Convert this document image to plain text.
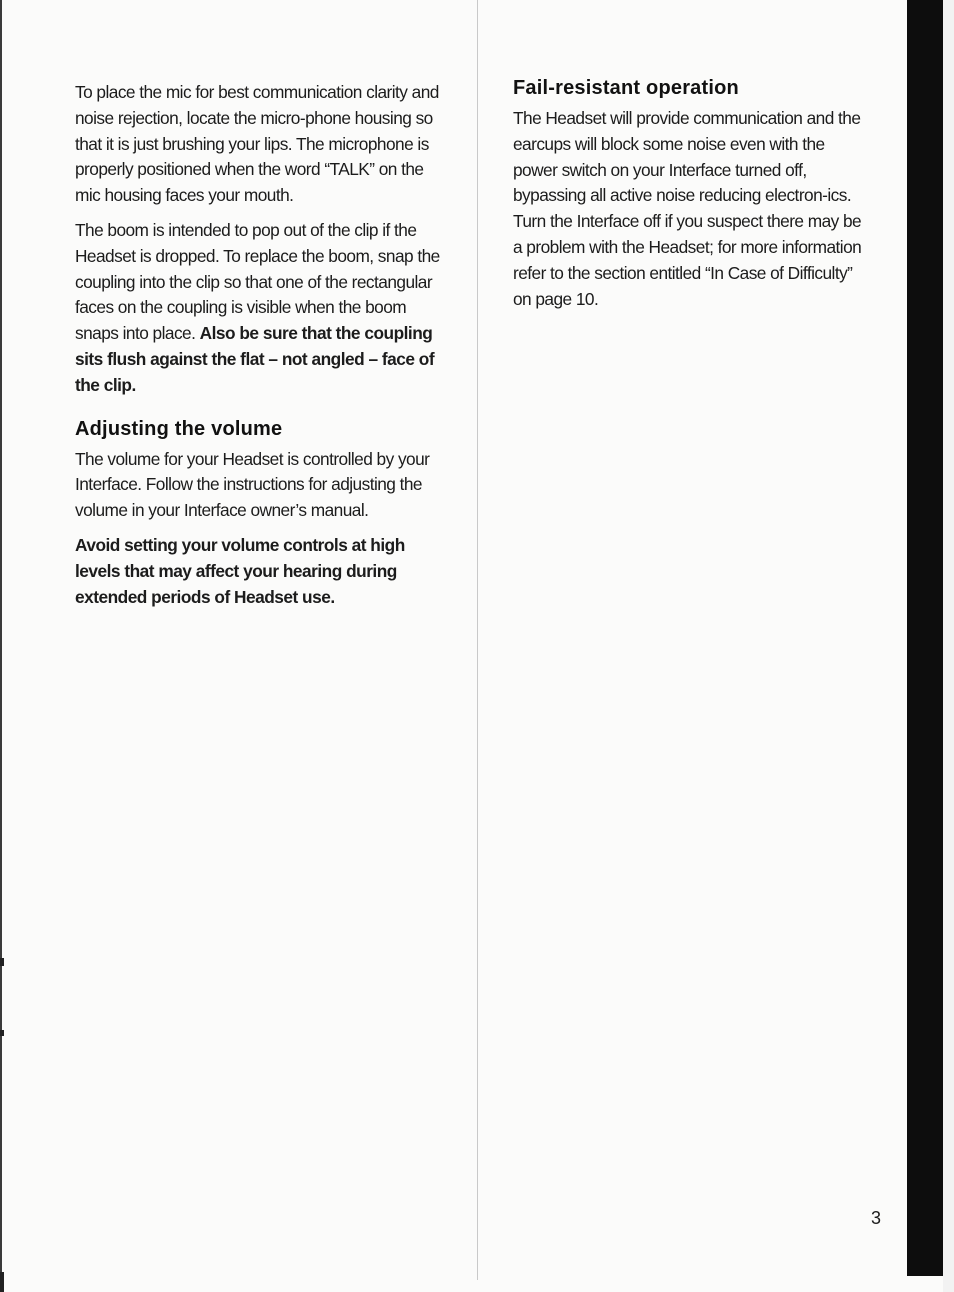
To place the mic for best communication clarity and noise rejection, locate the micro-phone housing so that it is just brushing your lips. The microphone is properly positioned when the word “TALK” on the mic housing faces your mouth.

The boom is intended to pop out of the clip if the Headset is dropped. To replace the boom, snap the coupling into the clip so that one of the rectangular faces on the coupling is visible when the boom snaps into place. Also be sure that the coupling sits flush against the flat – not angled – face of the clip.

Adjusting the volume

The volume for your Headset is controlled by your Interface. Follow the instructions for adjusting the volume in your Interface owner’s manual.

Avoid setting your volume controls at high levels that may affect your hearing during extended periods of Headset use.

Fail-resistant operation

The Headset will provide communication and the earcups will block some noise even with the power switch on your Interface turned off, bypassing all active noise reducing electron-ics. Turn the Interface off if you suspect there may be a problem with the Headset; for more information refer to the section entitled “In Case of Difficulty” on page 10.

3
